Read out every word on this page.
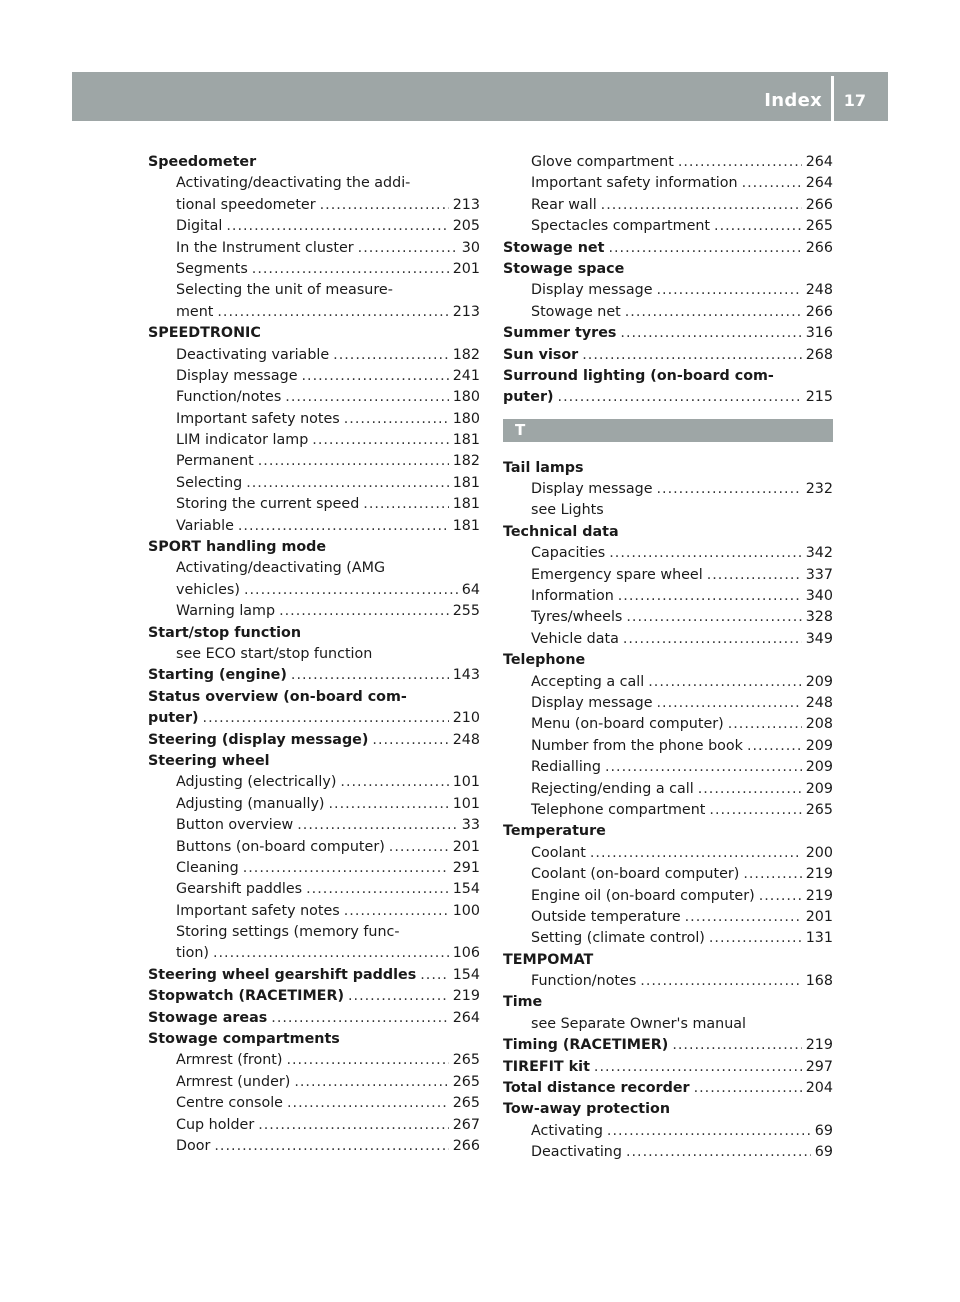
Index 17
Speedometer
Activating/deactivating the addi-
tional speedometer .....	213
Digital .....	205
In the Instrument cluster .....	30
Segments .....	201
Selecting the unit of measure-
ment .....	213
SPEEDTRONIC
Deactivating variable .....	182
Display message .....	241
Function/notes .....	180
Important safety notes .....	180
LIM indicator lamp .....	181
Permanent .....	182
Selecting .....	181
Storing the current speed .....	181
Variable .....	181
SPORT handling mode
Activating/deactivating (AMG
vehicles) .....	64
Warning lamp .....	255
Start/stop function
see ECO start/stop function
Starting (engine) .....	143
Status overview (on-board com-
puter) .....	210
Steering (display message) .....	248
Steering wheel
Adjusting (electrically) .....	101
Adjusting (manually) .....	101
Button overview .....	33
Buttons (on-board computer) .....	201
Cleaning .....	291
Gearshift paddles .....	154
Important safety notes .....	100
Storing settings (memory func-
tion) .....	106
Steering wheel gearshift paddles .....	154
Stopwatch (RACETIMER) .....	219
Stowage areas .....	264
Stowage compartments
Armrest (front) .....	265
Armrest (under) .....	265
Centre console .....	265
Cup holder .....	267
Door .....	266
Glove compartment .....	264
Important safety information .....	264
Rear wall .....	266
Spectacles compartment .....	265
Stowage net .....	266
Stowage space
Display message .....	248
Stowage net .....	266
Summer tyres .....	316
Sun visor .....	268
Surround lighting (on-board com-
puter) .....	215
T
Tail lamps
Display message .....	232
see Lights
Technical data
Capacities .....	342
Emergency spare wheel .....	337
Information .....	340
Tyres/wheels .....	328
Vehicle data .....	349
Telephone
Accepting a call .....	209
Display message .....	248
Menu (on-board computer) .....	208
Number from the phone book .....	209
Redialling .....	209
Rejecting/ending a call .....	209
Telephone compartment .....	265
Temperature
Coolant .....	200
Coolant (on-board computer) .....	219
Engine oil (on-board computer) .....	219
Outside temperature .....	201
Setting (climate control) .....	131
TEMPOMAT
Function/notes .....	168
Time
see Separate Owner's manual
Timing (RACETIMER) .....	219
TIREFIT kit .....	297
Total distance recorder .....	204
Tow-away protection
Activating .....	69
Deactivating .....	69
